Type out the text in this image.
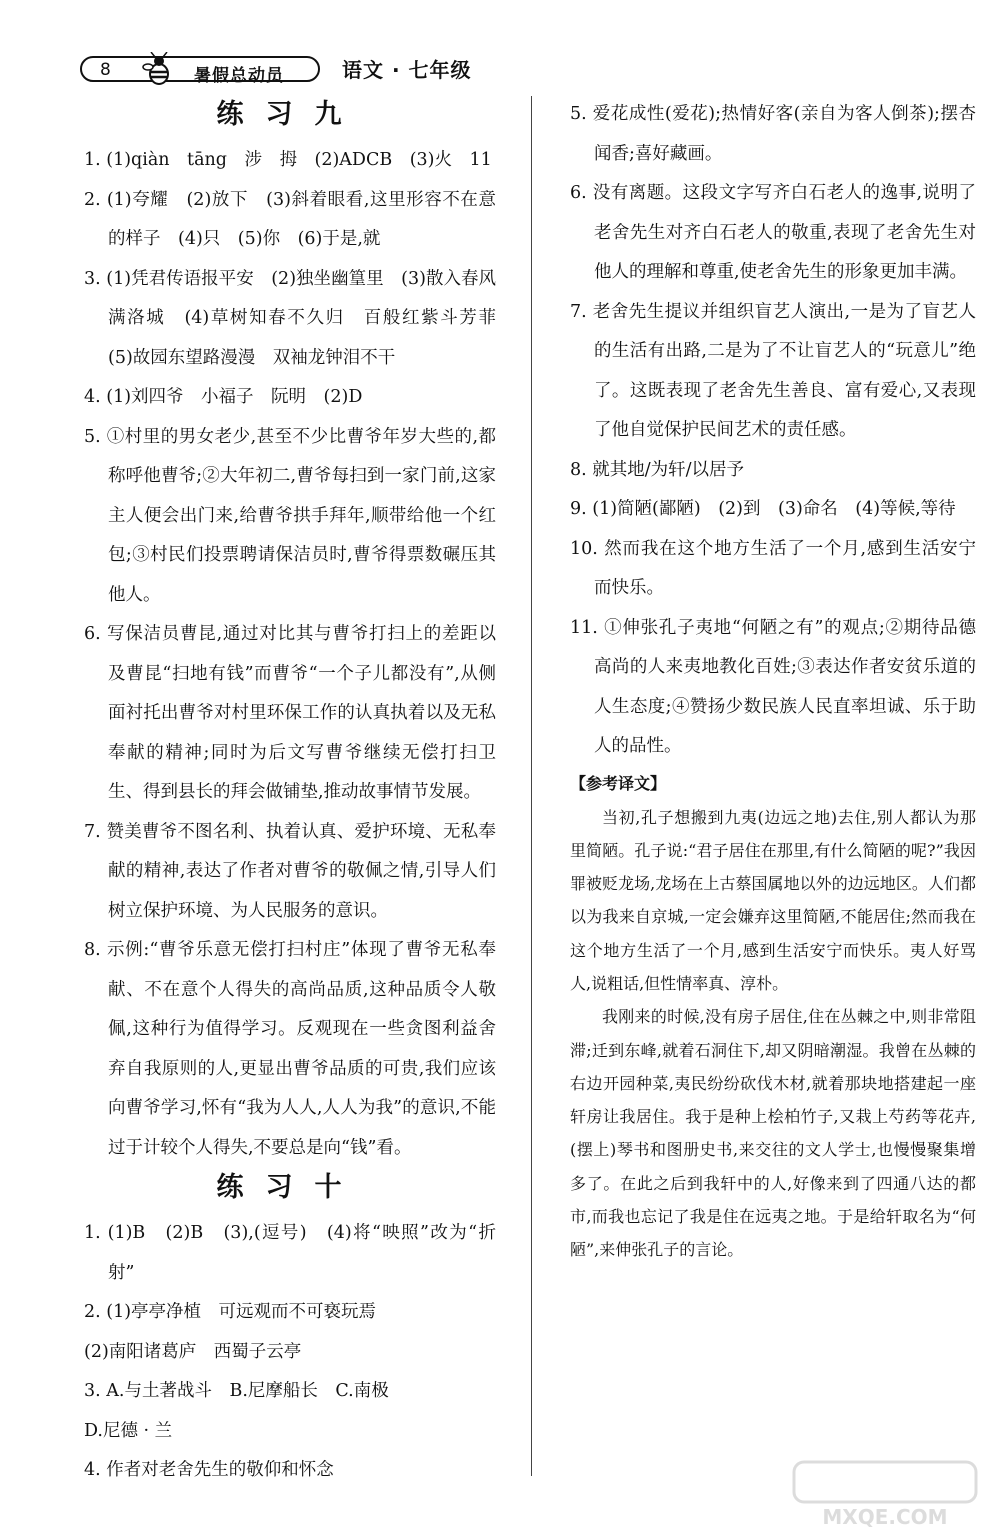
8	暑假总动员	语文 · 七年级
练习九
1. (1)qiàn　tāng　涉　拇　(2)ADCB　(3)火　11
2. (1)夸耀　(2)放下　(3)斜着眼看,这里形容不在意的样子　(4)只　(5)你　(6)于是,就
3. (1)凭君传语报平安　(2)独坐幽篁里　(3)散入春风满洛城　(4)草树知春不久归　百般红紫斗芳菲　(5)故园东望路漫漫　双袖龙钟泪不干
4. (1)刘四爷　小福子　阮明　(2)D
5. ①村里的男女老少,甚至不少比曹爷年岁大些的,都称呼他曹爷;②大年初二,曹爷每扫到一家门前,这家主人便会出门来,给曹爷拱手拜年,顺带给他一个红包;③村民们投票聘请保洁员时,曹爷得票数碾压其他人。
6. 写保洁员曹昆,通过对比其与曹爷打扫上的差距以及曹昆“扫地有钱”而曹爷“一个子儿都没有”,从侧面衬托出曹爷对村里环保工作的认真执着以及无私奉献的精神;同时为后文写曹爷继续无偿打扫卫生、得到县长的拜会做铺垫,推动故事情节发展。
7. 赞美曹爷不图名利、执着认真、爱护环境、无私奉献的精神,表达了作者对曹爷的敬佩之情,引导人们树立保护环境、为人民服务的意识。
8. 示例:“曹爷乐意无偿打扫村庄”体现了曹爷无私奉献、不在意个人得失的高尚品质,这种品质令人敬佩,这种行为值得学习。反观现在一些贪图利益舍弃自我原则的人,更显出曹爷品质的可贵,我们应该向曹爷学习,怀有“我为人人,人人为我”的意识,不能过于计较个人得失,不要总是向“钱”看。
练习十
1. (1)B　(2)B　(3),(逗号)　(4)将“映照”改为“折射”
2. (1)亭亭净植　可远观而不可亵玩焉
(2)南阳诸葛庐　西蜀子云亭
3. A.与土著战斗　B.尼摩船长　C.南极
D.尼德 · 兰
4. 作者对老舍先生的敬仰和怀念
5. 爱花成性(爱花);热情好客(亲自为客人倒茶);摆杏闻香;喜好藏画。
6. 没有离题。这段文字写齐白石老人的逸事,说明了老舍先生对齐白石老人的敬重,表现了老舍先生对他人的理解和尊重,使老舍先生的形象更加丰满。
7. 老舍先生提议并组织盲艺人演出,一是为了盲艺人的生活有出路,二是为了不让盲艺人的“玩意儿”绝了。这既表现了老舍先生善良、富有爱心,又表现了他自觉保护民间艺术的责任感。
8. 就其地/为轩/以居予
9. (1)简陋(鄙陋)　(2)到　(3)命名　(4)等候,等待
10. 然而我在这个地方生活了一个月,感到生活安宁而快乐。
11. ①伸张孔子夷地“何陋之有”的观点;②期待品德高尚的人来夷地教化百姓;③表达作者安贫乐道的人生态度;④赞扬少数民族人民直率坦诚、乐于助人的品性。
【参考译文】
当初,孔子想搬到九夷(边远之地)去住,别人都认为那里简陋。孔子说:“君子居住在那里,有什么简陋的呢?”我因罪被贬龙场,龙场在上古蔡国属地以外的边远地区。人们都以为我来自京城,一定会嫌弃这里简陋,不能居住;然而我在这个地方生活了一个月,感到生活安宁而快乐。夷人好骂人,说粗话,但性情率真、淳朴。
我刚来的时候,没有房子居住,住在丛棘之中,则非常阻滞;迁到东峰,就着石洞住下,却又阴暗潮湿。我曾在丛棘的右边开园种菜,夷民纷纷砍伐木材,就着那块地搭建起一座轩房让我居住。我于是种上桧柏竹子,又栽上芍药等花卉,(摆上)琴书和图册史书,来交往的文人学士,也慢慢聚集增多了。在此之后到我轩中的人,好像来到了四通八达的都市,而我也忘记了我是住在远夷之地。于是给轩取名为“何陋”,来伸张孔子的言论。
MXQE.COM
